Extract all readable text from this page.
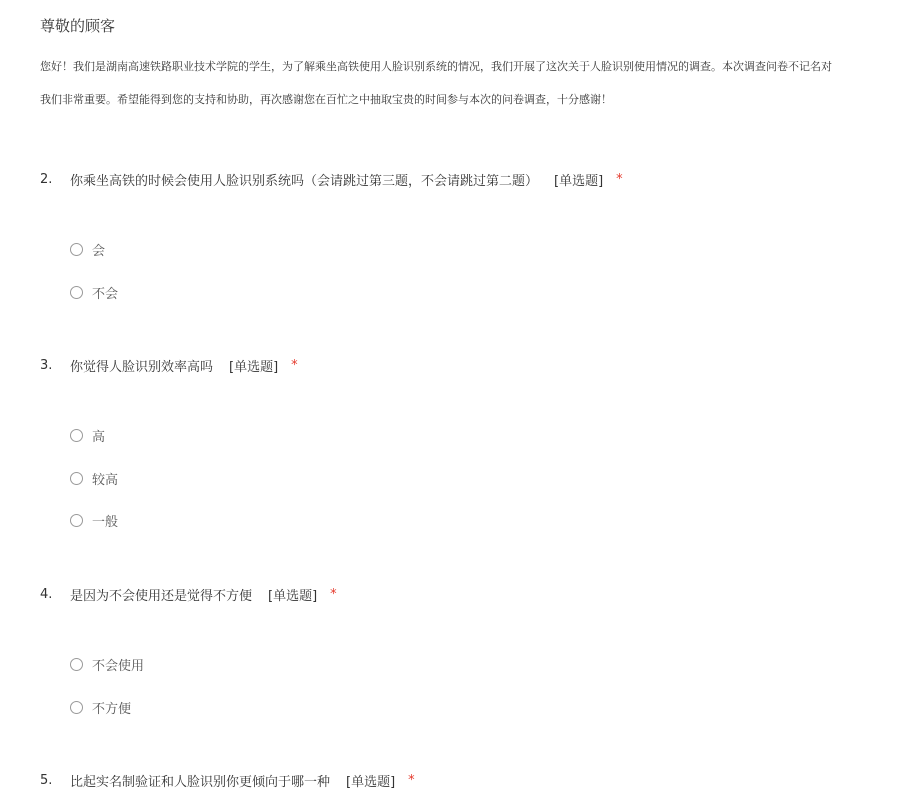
尊敬的顾客
您好！我们是湖南高速铁路职业技术学院的学生，为了解乘坐高铁使用人脸识别系统的情况，我们开展了这次关于人脸识别使用情况的调查。本次调查问卷不记名对
我们非常重要。希望能得到您的支持和协助，再次感谢您在百忙之中抽取宝贵的时间参与本次的问卷调查，十分感谢！
2.	你乘坐高铁的时候会使用人脸识别系统吗（会请跳过第三题，不会请跳过第二题） [单选题] *
会
不会
3.	你觉得人脸识别效率高吗 [单选题] *
高
较高
一般
4.	是因为不会使用还是觉得不方便 [单选题] *
不会使用
不方便
5.	比起实名制验证和人脸识别你更倾向于哪一种 [单选题] *
